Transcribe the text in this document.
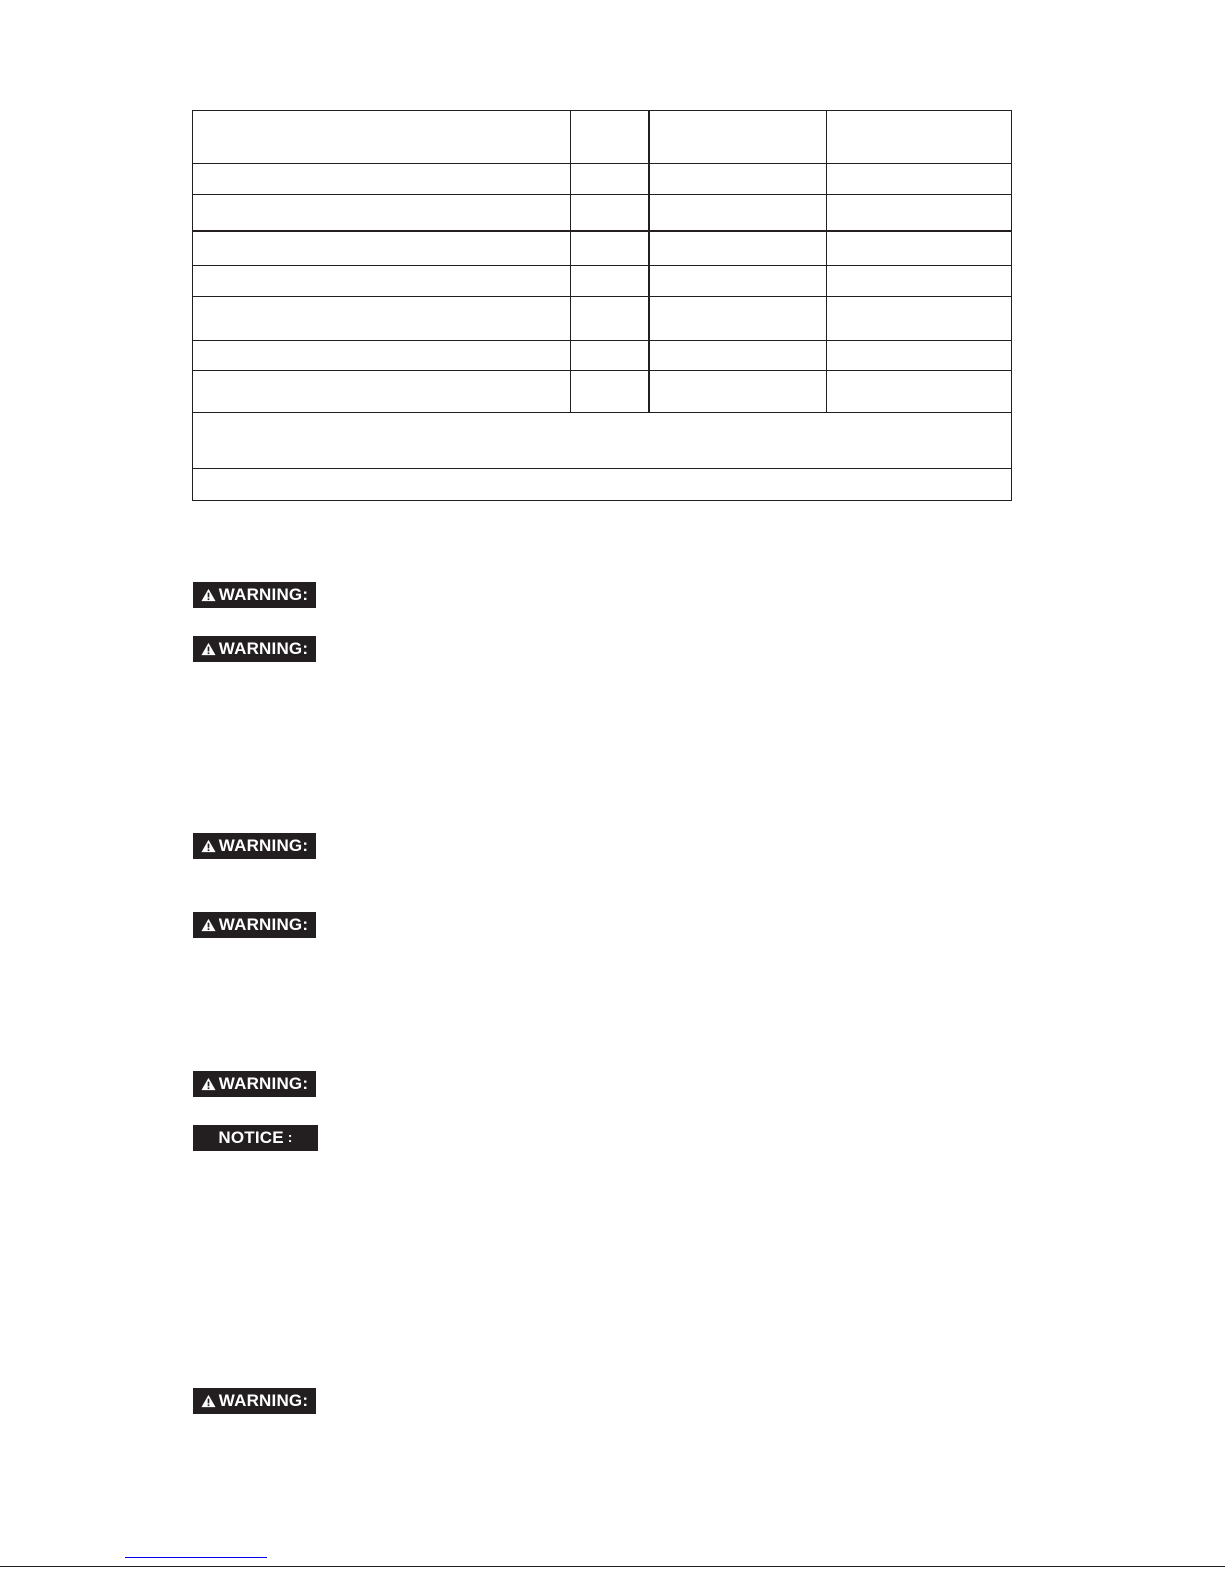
WARNING:
WARNING:
WARNING:
WARNING:
WARNING:
NOTICE :
WARNING:
